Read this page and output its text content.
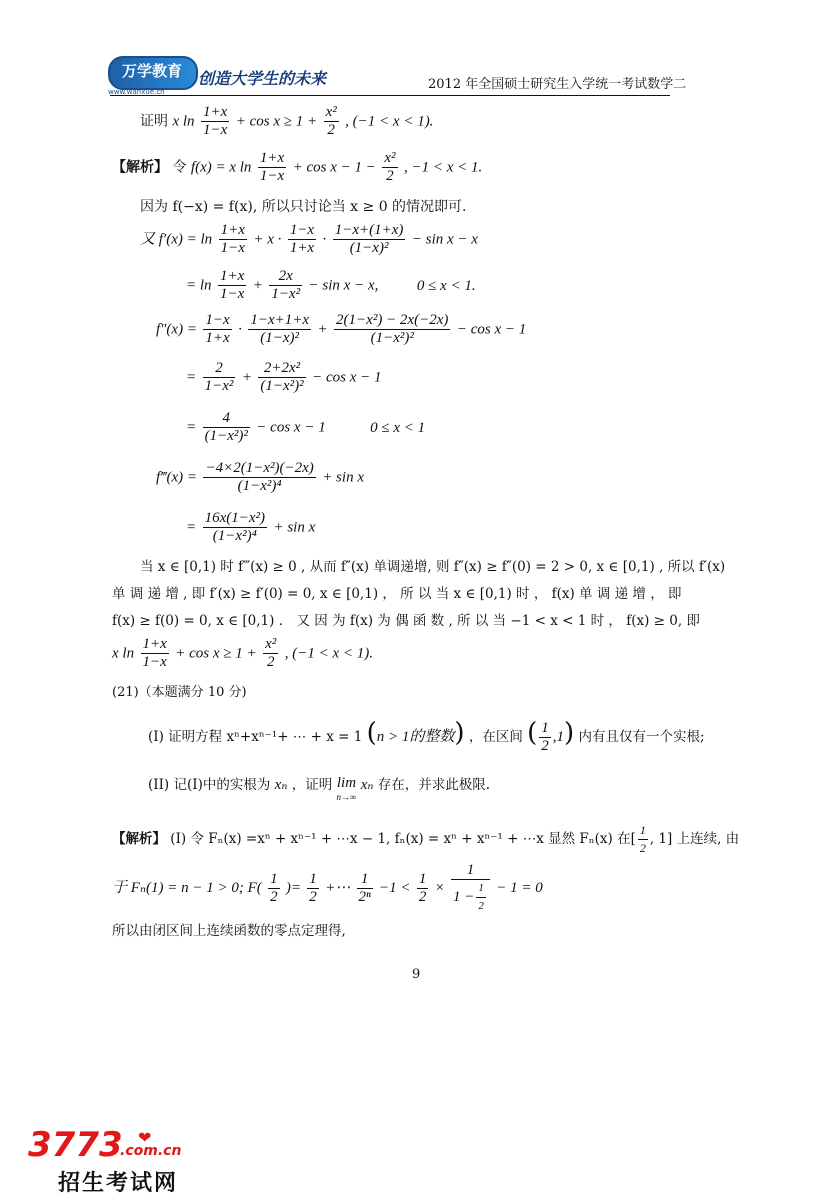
万学教育
www.wanxue.cn
创造大学生的未来	2012 年全国硕士研究生入学统一考试数学二
证明 x $\ln \frac{1+x}{1-x} + \cos x \ge 1 + \frac{\text{x²}}{2}$ , (−1 < x < 1).
【解析】 令 f(x) = x $\ln \frac{1+x}{1-x} + \cos x - 1 - \frac{\text{x²}}{2}$ , −1 < x < 1.
因为 f(−x) = f(x), 所以只讨论当 x ≥ 0 的情况即可.
又 $f'(x) = \ln \frac{1+x}{1-x} + x \cdot \frac{1-x}{1+x} \cdot \frac{1-x+(1+x)}{\text{(1−x)²}} - \sin x - x$
= $\ln \frac{1+x}{1-x} + \frac{2x}{\text{1−x²}} - \sin x - x$,	0 ≤ x < 1.
$f''(x) = \frac{1-x}{1+x} \cdot \frac{1-x+1+x}{\text{(1−x)²}} + \frac{\text{2(1−x²) − 2x(−2x)}}{\text{(1−x²)²}} - \cos x - 1$
= $\frac{2}{\text{1−x²}} + \frac{\text{2+2x²}}{\text{(1−x²)²}} - \cos x - 1$
= $\frac{4}{\text{(1−x²)²}} - \cos x - 1$	0 ≤ x < 1
f‴(x) = $\frac{\text{−4×2(1−x²)(−2x)}}{\text{(1−x²)⁴}} + \sin x$
= $\frac{\text{16x(1−x²)}}{\text{(1−x²)⁴}} + \sin x$
当 x ∈ [0,1) 时 f‴(x) ≥ 0 , 从而 f″(x) 单调递增, 则 f″(x) ≥ f″(0) = 2 > 0, x ∈ [0,1) , 所以 f′(x)
单 调 递 增 , 即 f′(x) ≥ f′(0) = 0, x ∈ [0,1) ， 所 以 当 x ∈ [0,1) 时 ， f(x) 单 调 递 增 ， 即
f(x) ≥ f(0) = 0, x ∈ [0,1) ． 又 因 为 f(x) 为 偶 函 数 , 所 以 当 −1 < x < 1 时 ， f(x) ≥ 0, 即
x $\ln \frac{1+x}{1-x} + \cos x \ge 1 + \frac{\text{x²}}{2}$ , (−1 < x < 1).
(21)（本题满分 10 分)
(I) 证明方程 xⁿ+xⁿ⁻¹+ ⋯ + x = 1 (n > 1的整数) ，在区间 ( $\frac{1}{2} ,1$) 内有且仅有一个实根;
(II) 记(I)中的实根为 xₙ ，证明 lim
n→∞
xₙ 存在，并求此极限.
【解析】 (I) 令 Fₙ(x) =xⁿ + xⁿ⁻¹ + ⋯x − 1, fₙ(x) = xⁿ + xⁿ⁻¹ + ⋯x 显然 Fₙ(x) 在[ $\frac{1}{2}$ , 1] 上连续, 由
于 Fₙ(1) = n − 1 > 0; $F( \frac{1}{2}$ )= $\frac{1}{2}$ +⋯ $\frac{1}{\text{2ⁿ}} -1 < \frac{1}{2} \times \frac{1}{1 - \frac{1}{2}} - 1 = 0$
所以由闭区间上连续函数的零点定理得,
9
3773
.com.cn
❤
招生考试网
